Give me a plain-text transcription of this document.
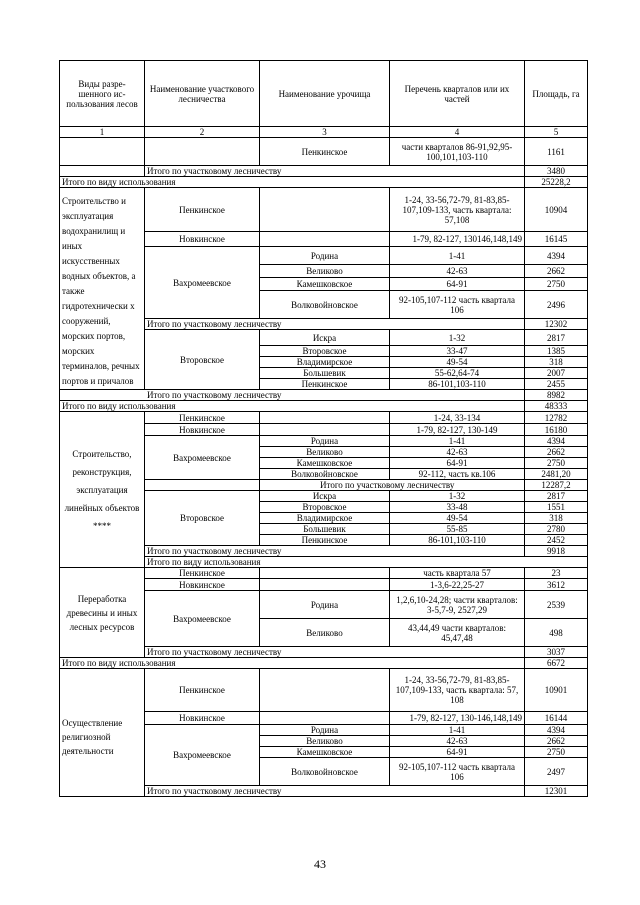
Виды разре-шенного ис-пользования лесов	Наименование участкового лесничества	Наименование урочища	Перечень кварталов или их частей	Площадь, га	
1	2	3	4	5	
		Пенкинское	части кварталов 86-91,92,95-100,101,103-110	1161	
	Итого по участковому лесничеству			3480	
Итого по виду использования				25228,2	
Строительство и эксплуатация водохранилищ и иных искусственных водных объектов, а также гидротехнически х сооружений, морских портов, морских терминалов, речных портов и причалов	Пенкинское		1-24, 33-56,72-79, 81-83,85-107,109-133, часть квартала: 57,108	10904	
	Новкинское		1-79, 82-127, 130146,148,149	16145	
	Вахромеевское	Родина	1-41	4394	
		Великово	42-63	2662	
		Камешковское	64-91	2750	
		Волковойновское	92-105,107-112 часть квартала 106	2496	
	Итого по участковому лесничеству			12302	
	Второвское	Искра	1-32	2817	
		Второвское	33-47	1385	
		Владимирское	49-54	318	
		Большевик	55-62,64-74	2007	
		Пенкинское	86-101,103-110	2455	
Итого по участковому лесничеству				8982	
Итого по виду использования				48333	
Строительство, реконструкция, эксплуатация линейных объектов ****	Пенкинское		1-24, 33-134	12782	
	Новкинское		1-79, 82-127, 130-149	16180	
	Вахромеевское	Родина	1-41	4394	
		Великово	42-63	2662	
		Камешковское	64-91	2750	
		Волковойновское	92-112, часть кв.106	2481,20	
		Итого по участковому лесничеству		12287,2	
	Второвское	Искра	1-32	2817	
		Второвское	33-48	1551	
		Владимирское	49-54	318	
		Большевик	55-85	2780	
		Пенкинское	86-101,103-110	2452	
	Итого по участковому лесничеству			9918	
	Итого по виду использования	
Переработка древесины и иных лесных ресурсов	Пенкинское		часть квартала 57	23	
	Новкинское		1-3,6-22,25-27	3612	
	Вахромеевское	Родина	1,2,6,10-24,28; части кварталов: 3-5,7-9, 2527,29	2539	
		Великово	43,44,49 части кварталов: 45,47,48	498	
	Итого по участковому лесничеству			3037	
Итого по виду использования				6672	
Осуществление религиозной деятельности	Пенкинское		1-24, 33-56,72-79, 81-83,85-107,109-133, часть квартала: 57, 108	10901	
	Новкинское		1-79, 82-127, 130-146,148,149	16144	
	Вахромеевское	Родина	1-41	4394	
		Великово	42-63	2662	
		Камешковское	64-91	2750	
		Волковойновское	92-105,107-112 часть квартала 106	2497	
	Итого по участковому лесничеству			12301	
43
